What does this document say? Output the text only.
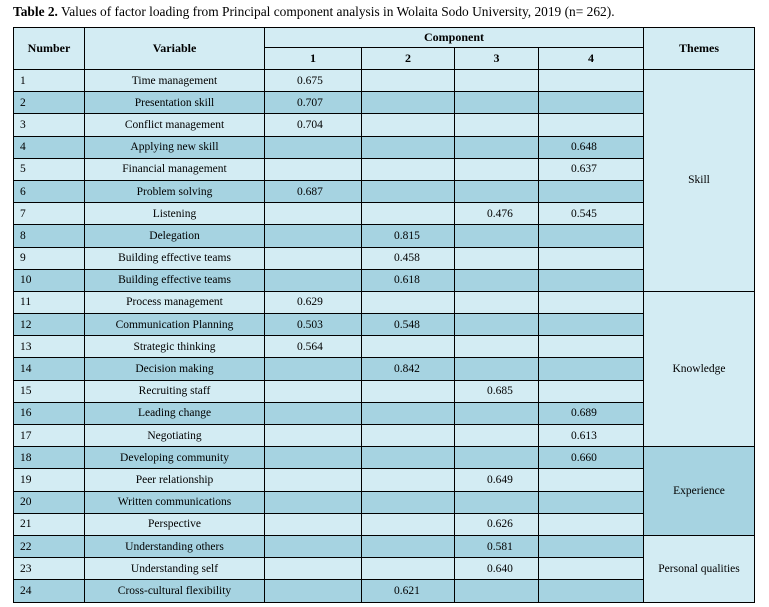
Table 2. Values of factor loading from Principal component analysis in Wolaita Sodo University, 2019 (n= 262).
Number	Variable	Component				Themes
		1	2	3	4	
1	Time management	0.675				Skill
2	Presentation skill	0.707				
3	Conflict management	0.704				
4	Applying new skill				0.648	
5	Financial management				0.637	
6	Problem solving	0.687				
7	Listening			0.476	0.545	
8	Delegation		0.815			
9	Building effective teams		0.458			
10	Building effective teams		0.618			
11	Process management	0.629				Knowledge
12	Communication Planning	0.503	0.548			
13	Strategic thinking	0.564				
14	Decision making		0.842			
15	Recruiting staff			0.685		
16	Leading change				0.689	
17	Negotiating				0.613	
18	Developing community				0.660	Experience
19	Peer relationship			0.649		
20	Written communications					
21	Perspective			0.626		
22	Understanding others			0.581		Personal qualities
23	Understanding self			0.640		
24	Cross-cultural flexibility		0.621			
